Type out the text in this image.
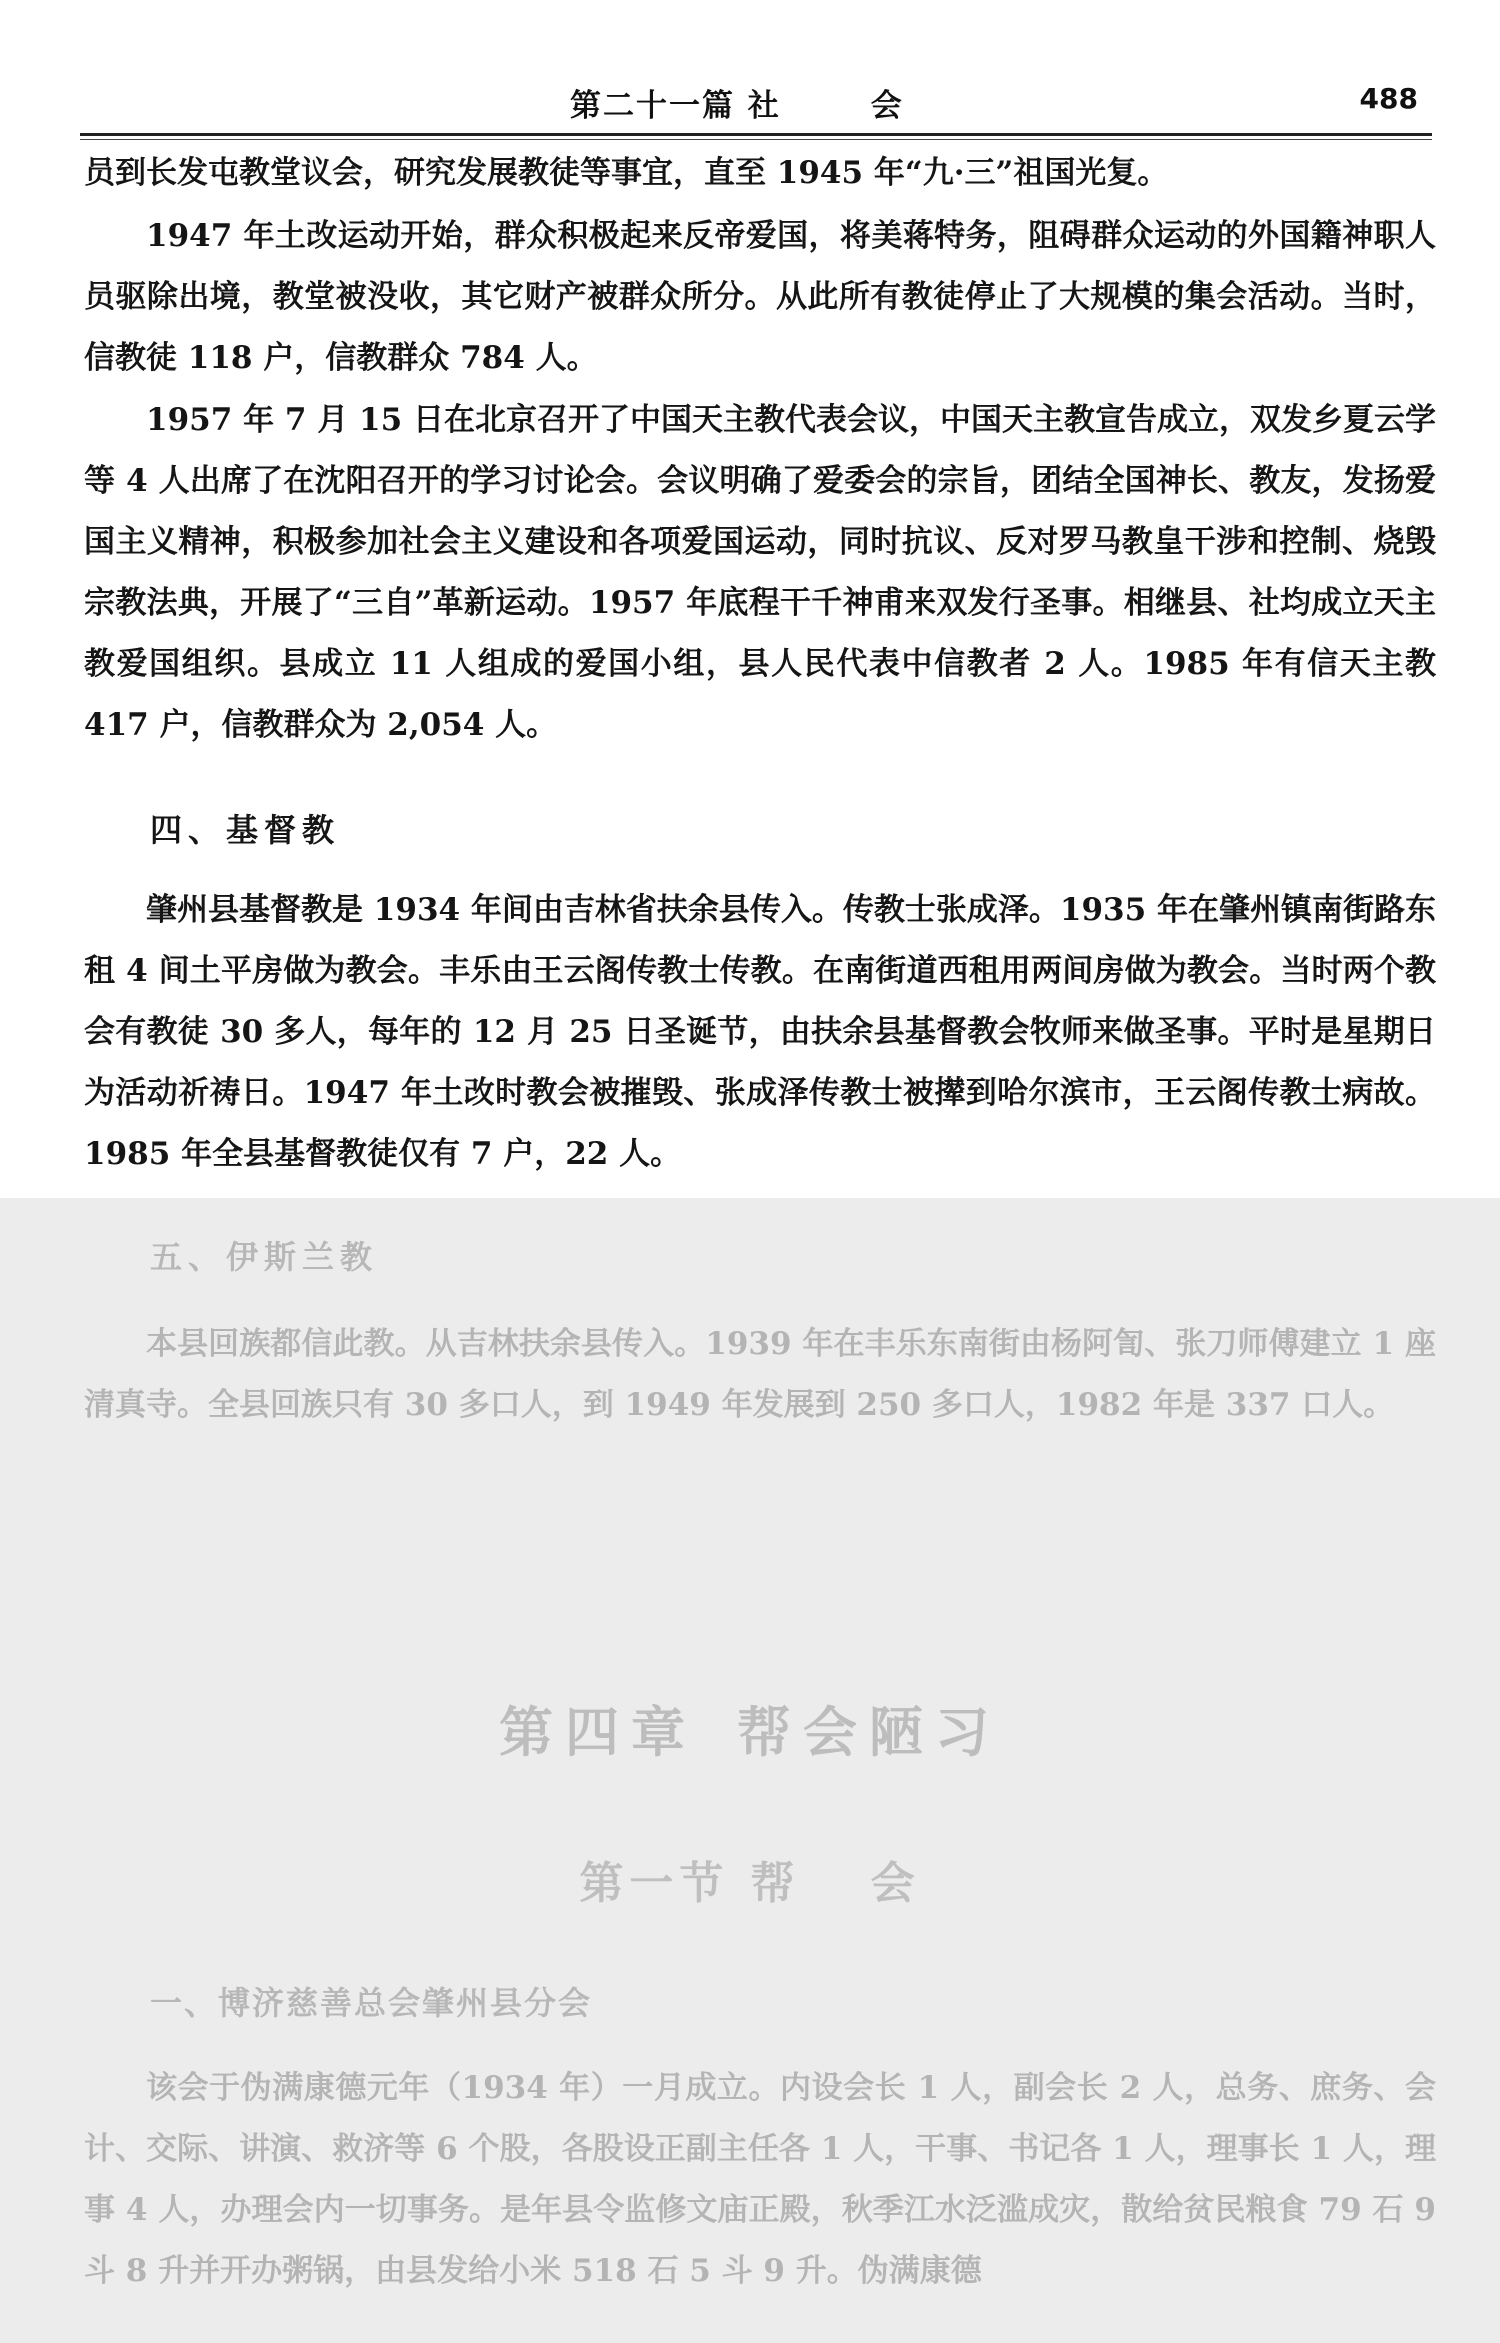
第二十一篇 社	会	488

员到长发屯教堂议会，研究发展教徒等事宜，直至 1945 年“九·三”祖国光复。

1947 年土改运动开始，群众积极起来反帝爱国，将美蒋特务，阻碍群众运动的外国籍神职人员驱除出境，教堂被没收，其它财产被群众所分。从此所有教徒停止了大规模的集会活动。当时，信教徒 118 户，信教群众 784 人。

1957 年 7 月 15 日在北京召开了中国天主教代表会议，中国天主教宣告成立，双发乡夏云学等 4 人出席了在沈阳召开的学习讨论会。会议明确了爱委会的宗旨，团结全国神长、教友，发扬爱国主义精神，积极参加社会主义建设和各项爱国运动，同时抗议、反对罗马教皇干涉和控制、烧毁宗教法典，开展了“三自”革新运动。1957 年底程干千神甫来双发行圣事。相继县、社均成立天主教爱国组织。县成立 11 人组成的爱国小组，县人民代表中信教者 2 人。1985 年有信天主教 417 户，信教群众为 2,054 人。

四、基督教

肇州县基督教是 1934 年间由吉林省扶余县传入。传教士张成泽。1935 年在肇州镇南街路东租 4 间土平房做为教会。丰乐由王云阁传教士传教。在南街道西租用两间房做为教会。当时两个教会有教徒 30 多人，每年的 12 月 25 日圣诞节，由扶余县基督教会牧师来做圣事。平时是星期日为活动祈祷日。1947 年土改时教会被摧毁、张成泽传教士被撵到哈尔滨市，王云阁传教士病故。1985 年全县基督教徒仅有 7 户，22 人。

五、伊斯兰教

本县回族都信此教。从吉林扶余县传入。1939 年在丰乐东南街由杨阿訇、张刀师傅建立 1 座清真寺。全县回族只有 30 多口人，到 1949 年发展到 250 多口人，1982 年是 337 口人。

第四章 帮会陋习
第一节 帮 会
一、博济慈善总会肇州县分会

该会于伪满康德元年（1934 年）一月成立。内设会长 1 人，副会长 2 人，总务、庶务、会计、交际、讲演、救济等 6 个股，各股设正副主任各 1 人，干事、书记各 1 人，理事长 1 人，理事 4 人，办理会内一切事务。是年县令监修文庙正殿，秋季江水泛滥成灾，散给贫民粮食 79 石 9 斗 8 升并开办粥锅，由县发给小米 518 石 5 斗 9 升。伪满康德
